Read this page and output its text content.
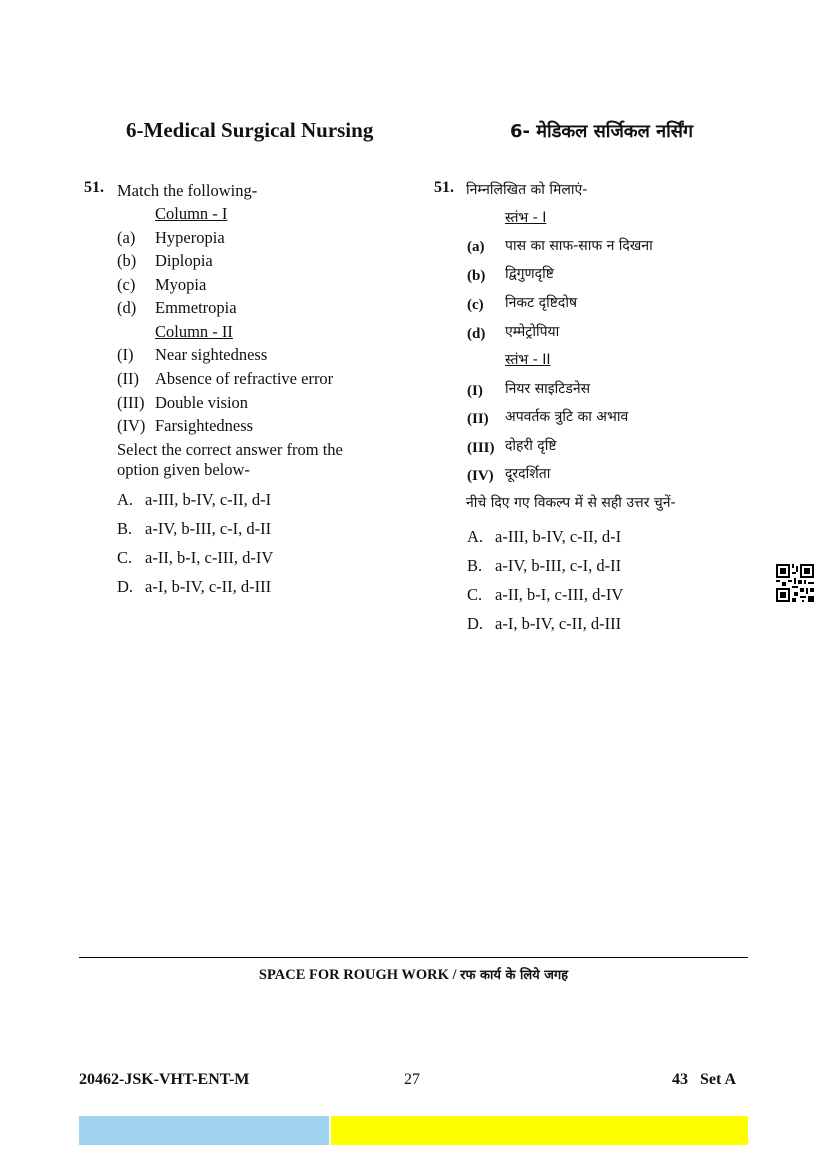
6-Medical Surgical Nursing	6- मेडिकल सर्जिकल नर्सिंग
51. Match the following-
Column - I
(a) Hyperopia
(b) Diplopia
(c) Myopia
(d) Emmetropia
Column - II
(I) Near sightedness
(II) Absence of refractive error
(III) Double vision
(IV) Farsightedness
Select the correct answer from the
option given below-
A. a-III, b-IV, c-II, d-I
B. a-IV, b-III, c-I, d-II
C. a-II, b-I, c-III, d-IV
D. a-I, b-IV, c-II, d-III
51. निम्नलिखित को मिलाएं-
स्तंभ - I
(a) पास का साफ-साफ न दिखना
(b) द्विगुणदृष्टि
(c) निकट दृष्टिदोष
(d) एम्मेट्रोपिया
स्तंभ - II
(I) नियर साइटिडनेस
(II) अपवर्तक त्रुटि का अभाव
(III) दोहरी दृष्टि
(IV) दूरदर्शिता
नीचे दिए गए विकल्प में से सही उत्तर चुनें-
A. a-III, b-IV, c-II, d-I
B. a-IV, b-III, c-I, d-II
C. a-II, b-I, c-III, d-IV
D. a-I, b-IV, c-II, d-III
SPACE FOR ROUGH WORK / रफ कार्य के लिये जगह
20462-JSK-VHT-ENT-M	27	43   Set A
